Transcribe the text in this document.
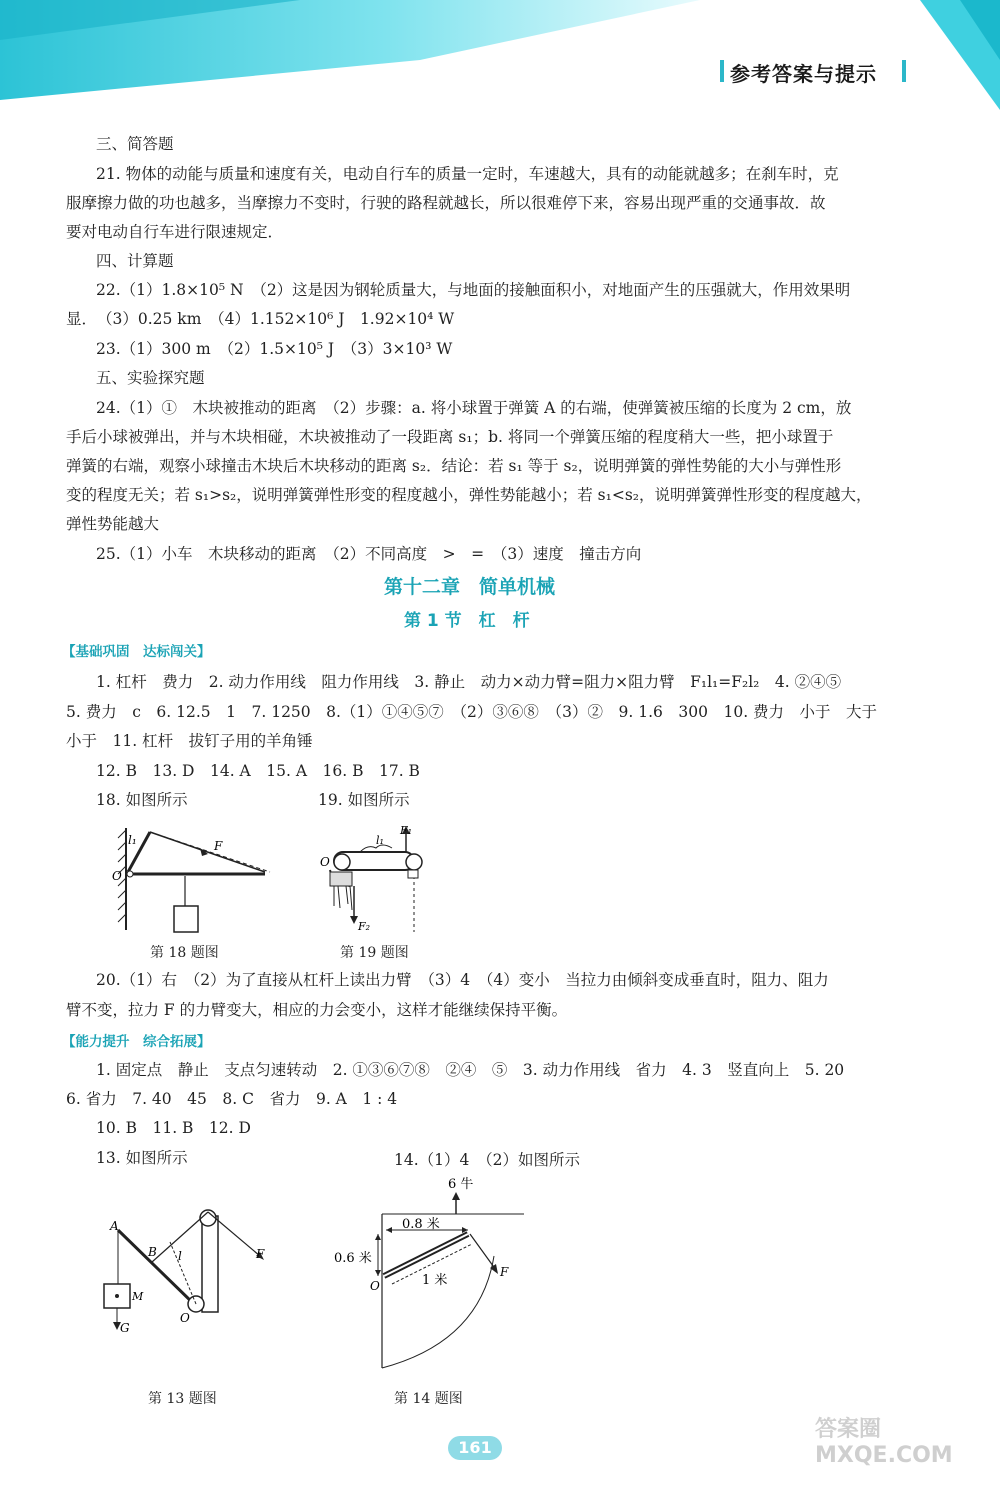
参考答案与提示
三、简答题
21. 物体的动能与质量和速度有关，电动自行车的质量一定时，车速越大，具有的动能就越多；在刹车时，克
服摩擦力做的功也越多，当摩擦力不变时，行驶的路程就越长，所以很难停下来，容易出现严重的交通事故．故
要对电动自行车进行限速规定．
四、计算题
22.（1）1.8×10⁵ N　（2）这是因为钢轮质量大，与地面的接触面积小，对地面产生的压强就大，作用效果明
显．　（3）0.25 km　（4）1.152×10⁶ J　1.92×10⁴ W
23.（1）300 m　（2）1.5×10⁵ J　（3）3×10³ W
五、实验探究题
24.（1）①　木块被推动的距离　（2）步骤：a. 将小球置于弹簧 A 的右端，使弹簧被压缩的长度为 2 cm，放
手后小球被弹出，并与木块相碰，木块被推动了一段距离 s₁；b. 将同一个弹簧压缩的程度稍大一些，把小球置于
弹簧的右端，观察小球撞击木块后木块移动的距离 s₂．结论：若 s₁ 等于 s₂，说明弹簧的弹性势能的大小与弹性形
变的程度无关；若 s₁>s₂，说明弹簧弹性形变的程度越小，弹性势能越小；若 s₁<s₂，说明弹簧弹性形变的程度越大，
弹性势能越大
25.（1）小车　木块移动的距离　（2）不同高度　>　=　（3）速度　撞击方向
第十二章　简单机械
第 1 节　杠　杆
【基础巩固　达标闯关】
1. 杠杆　费力　2. 动力作用线　阻力作用线　3. 静止　动力×动力臂=阻力×阻力臂　F₁l₁=F₂l₂　4. ②④⑤
5. 费力　c　6. 12.5　1　7. 1250　8.（1）①④⑤⑦　（2）③⑥⑧　（3）②　9. 1.6　300　10. 费力　小于　大于
小于　11. 杠杆　拔钉子用的羊角锤
12. B　13. D　14. A　15. A　16. B　17. B
18. 如图所示	19. 如图所示
l₁	F
O
第 18 题图
F₁
l₁
O
F₂
第 19 题图
20.（1）右　（2）为了直接从杠杆上读出力臂　（3）4　（4）变小　当拉力由倾斜变成垂直时，阻力、阻力
臂不变，拉力 F 的力臂变大，相应的力会变小，这样才能继续保持平衡。
【能力提升　综合拓展】
1. 固定点　静止　支点匀速转动　2. ①③⑥⑦⑧　②④　⑤　3. 动力作用线　省力　4. 3　竖直向上　5. 20
6. 省力　7. 40　45　8. C　省力　9. A　1 : 4
10. B　11. B　12. D
13. 如图所示	14.（1）4　（2）如图所示
A
B l	F
M
G
O
第 13 题图
6 牛
0.8 米
0.6 米
F
1 米
O
第 14 题图
161
答案圈 MXQE.COM
